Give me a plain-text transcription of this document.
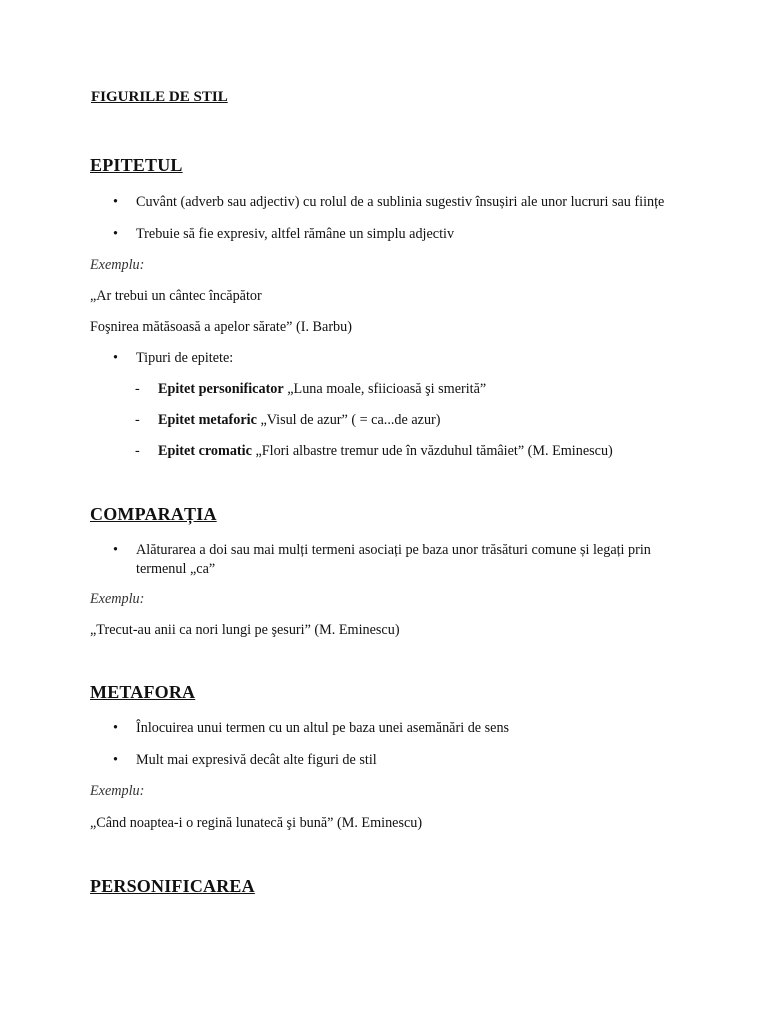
FIGURILE DE STIL
EPITETUL
• Cuvânt (adverb sau adjectiv) cu rolul de a sublinia sugestiv însușiri ale unor lucruri sau ființe
• Trebuie să fie expresiv, altfel rămâne un simplu adjectiv
Exemplu:
„Ar trebui un cântec încăpător
Foşnirea mătăsoasă a apelor sărate” (I. Barbu)
• Tipuri de epitete:
- Epitet personificator „Luna moale, sfiicioasă şi smerită”
- Epitet metaforic „Visul de azur” ( = ca...de azur)
- Epitet cromatic „Flori albastre tremur ude în văzduhul tămâiet” (M. Eminescu)
COMPARAȚIA
• Alăturarea a doi sau mai mulți termeni asociați pe baza unor trăsături comune și legați prin
termenul „ca”
Exemplu:
„Trecut-au anii ca nori lungi pe şesuri” (M. Eminescu)
METAFORA
• Înlocuirea unui termen cu un altul pe baza unei asemănări de sens
• Mult mai expresivă decât alte figuri de stil
Exemplu:
„Când noaptea-i o regină lunatecă şi bună” (M. Eminescu)
PERSONIFICAREA
